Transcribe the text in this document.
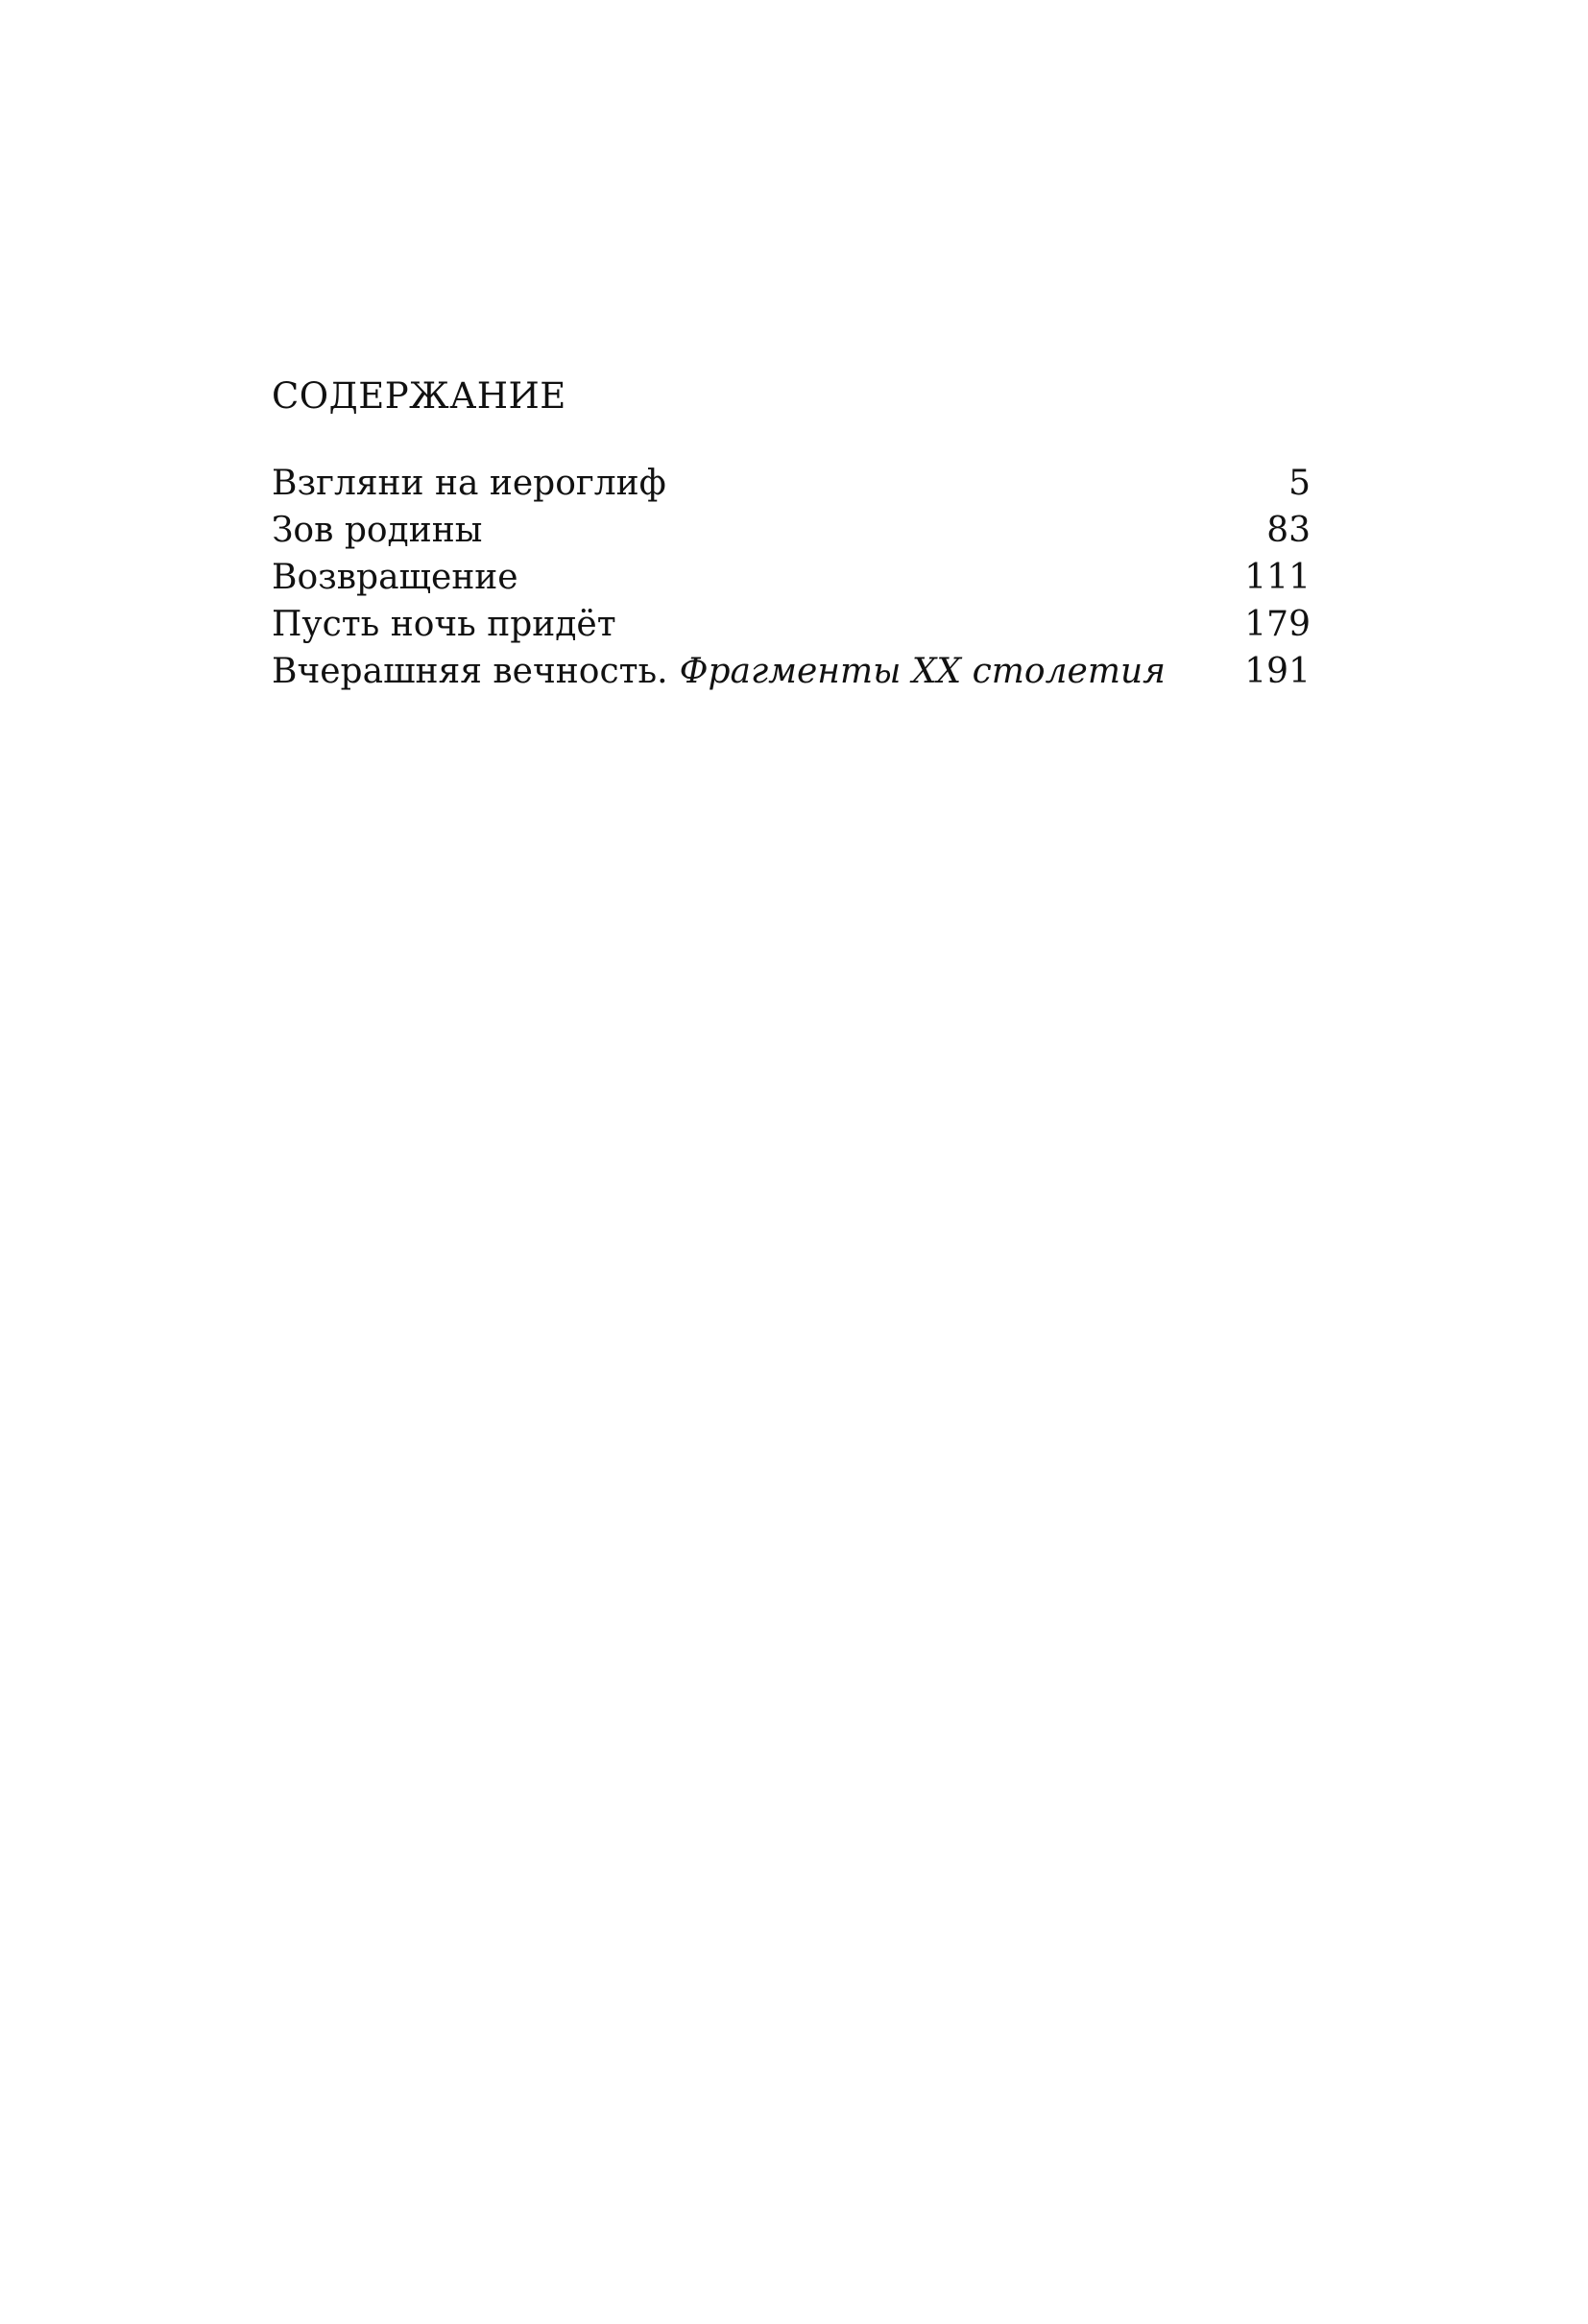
СОДЕРЖАНИЕ
Взгляни на иероглиф	5
Зов родины	83
Возвращение	111
Пусть ночь придёт	179
Вчерашняя вечность. Фрагменты XX столетия	191
